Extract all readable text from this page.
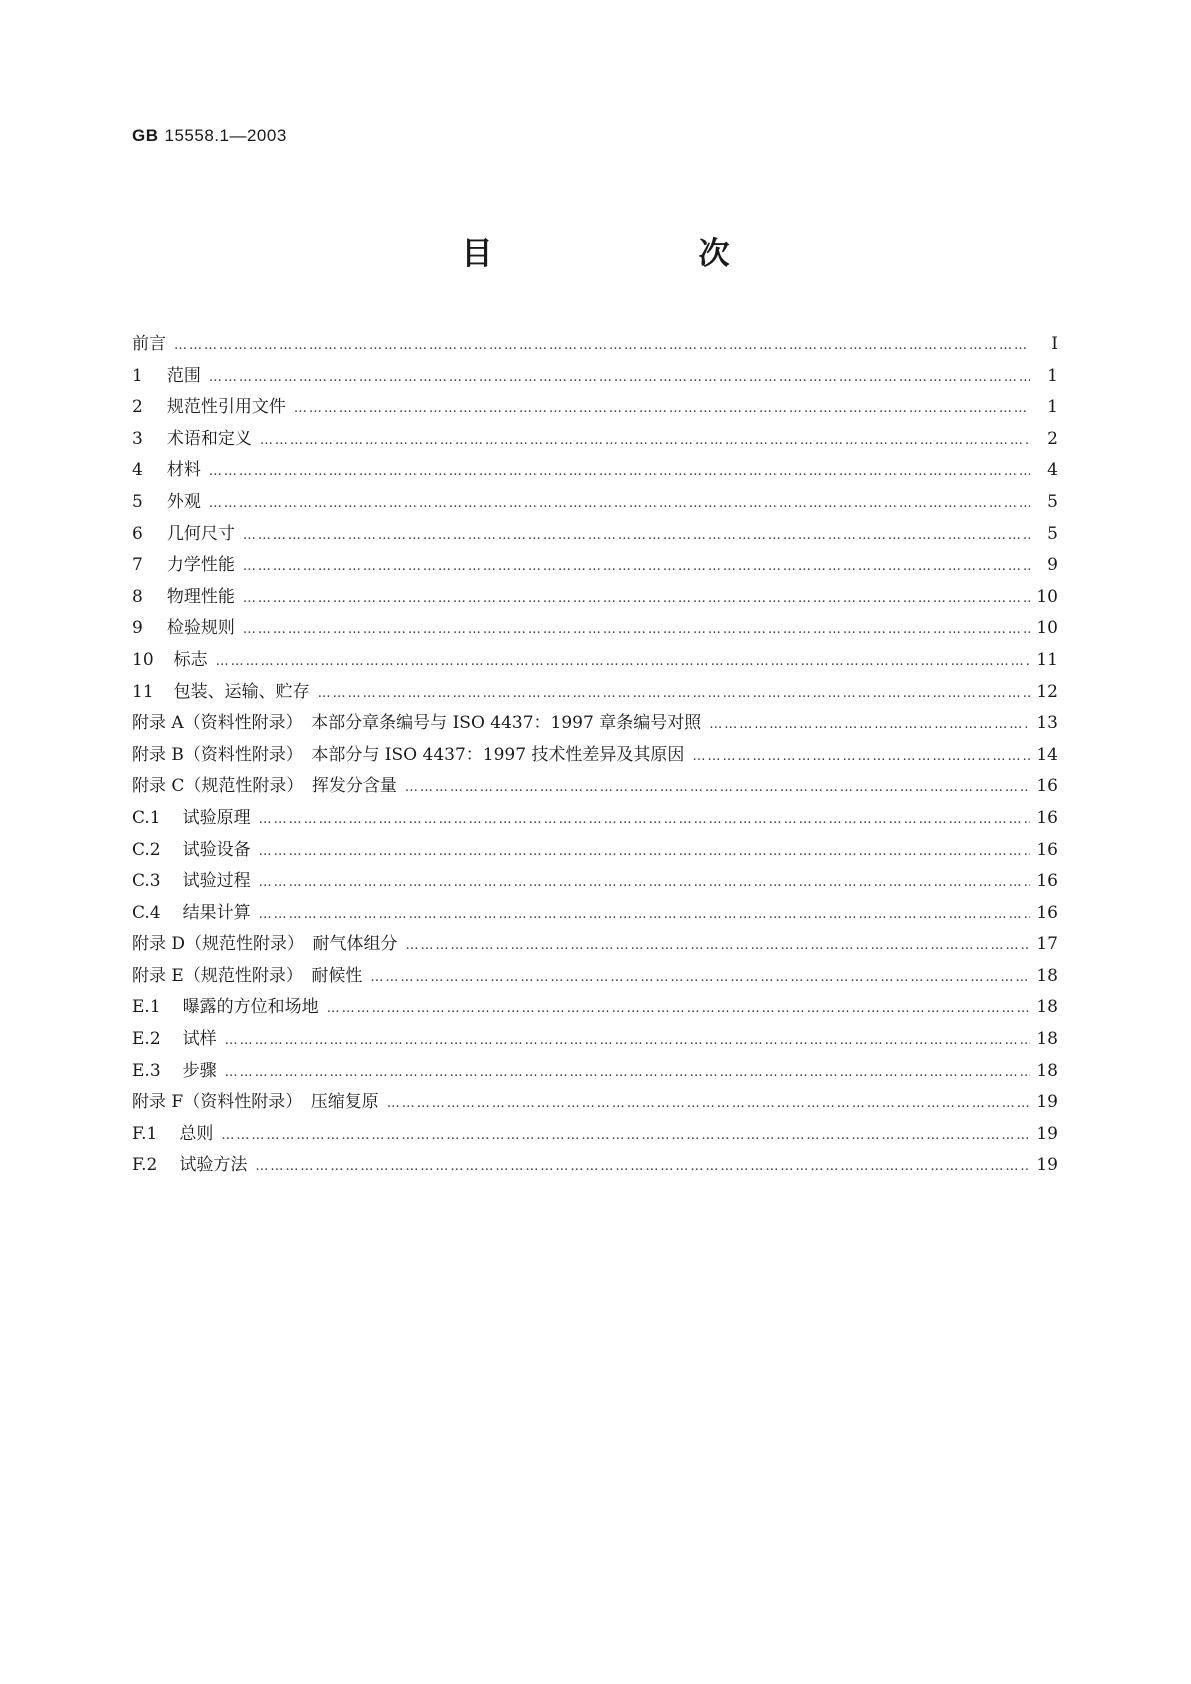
GB 15558.1—2003
目　　次
前言 ……………………………………………………………………………………………………………………………………………………………………………………………………………………	I
1 范围 ……………………………………………………………………………………………………………………………………………………………………………………………………………………	1
2 规范性引用文件 ……………………………………………………………………………………………………………………………………………………………………………………………………………………	1
3 术语和定义 ……………………………………………………………………………………………………………………………………………………………………………………………………………………	2
4 材料 ……………………………………………………………………………………………………………………………………………………………………………………………………………………	4
5 外观 ……………………………………………………………………………………………………………………………………………………………………………………………………………………	5
6 几何尺寸 ……………………………………………………………………………………………………………………………………………………………………………………………………………………	5
7 力学性能 ……………………………………………………………………………………………………………………………………………………………………………………………………………………	9
8 物理性能 ……………………………………………………………………………………………………………………………………………………………………………………………………………………	10
9 检验规则 ……………………………………………………………………………………………………………………………………………………………………………………………………………………	10
10 标志 ……………………………………………………………………………………………………………………………………………………………………………………………………………………	11
11 包装、运输、贮存 ……………………………………………………………………………………………………………………………………………………………………………………………………………………	12
附录 A（资料性附录）　本部分章条编号与 ISO 4437：1997 章条编号对照 ……………………………………………………………………………………………………………………………………………………………………………………………………………………	13
附录 B（资料性附录）　本部分与 ISO 4437：1997 技术性差异及其原因 ……………………………………………………………………………………………………………………………………………………………………………………………………………………	14
附录 C（规范性附录）　挥发分含量 ……………………………………………………………………………………………………………………………………………………………………………………………………………………	16
C.1 试验原理 ……………………………………………………………………………………………………………………………………………………………………………………………………………………	16
C.2 试验设备 ……………………………………………………………………………………………………………………………………………………………………………………………………………………	16
C.3 试验过程 ……………………………………………………………………………………………………………………………………………………………………………………………………………………	16
C.4 结果计算 ……………………………………………………………………………………………………………………………………………………………………………………………………………………	16
附录 D（规范性附录）　耐气体组分 ……………………………………………………………………………………………………………………………………………………………………………………………………………………	17
附录 E（规范性附录）　耐候性 ……………………………………………………………………………………………………………………………………………………………………………………………………………………	18
E.1 曝露的方位和场地 ……………………………………………………………………………………………………………………………………………………………………………………………………………………	18
E.2 试样 ……………………………………………………………………………………………………………………………………………………………………………………………………………………	18
E.3 步骤 ……………………………………………………………………………………………………………………………………………………………………………………………………………………	18
附录 F（资料性附录）　压缩复原 ……………………………………………………………………………………………………………………………………………………………………………………………………………………	19
F.1 总则 ……………………………………………………………………………………………………………………………………………………………………………………………………………………	19
F.2 试验方法 ……………………………………………………………………………………………………………………………………………………………………………………………………………………	19
